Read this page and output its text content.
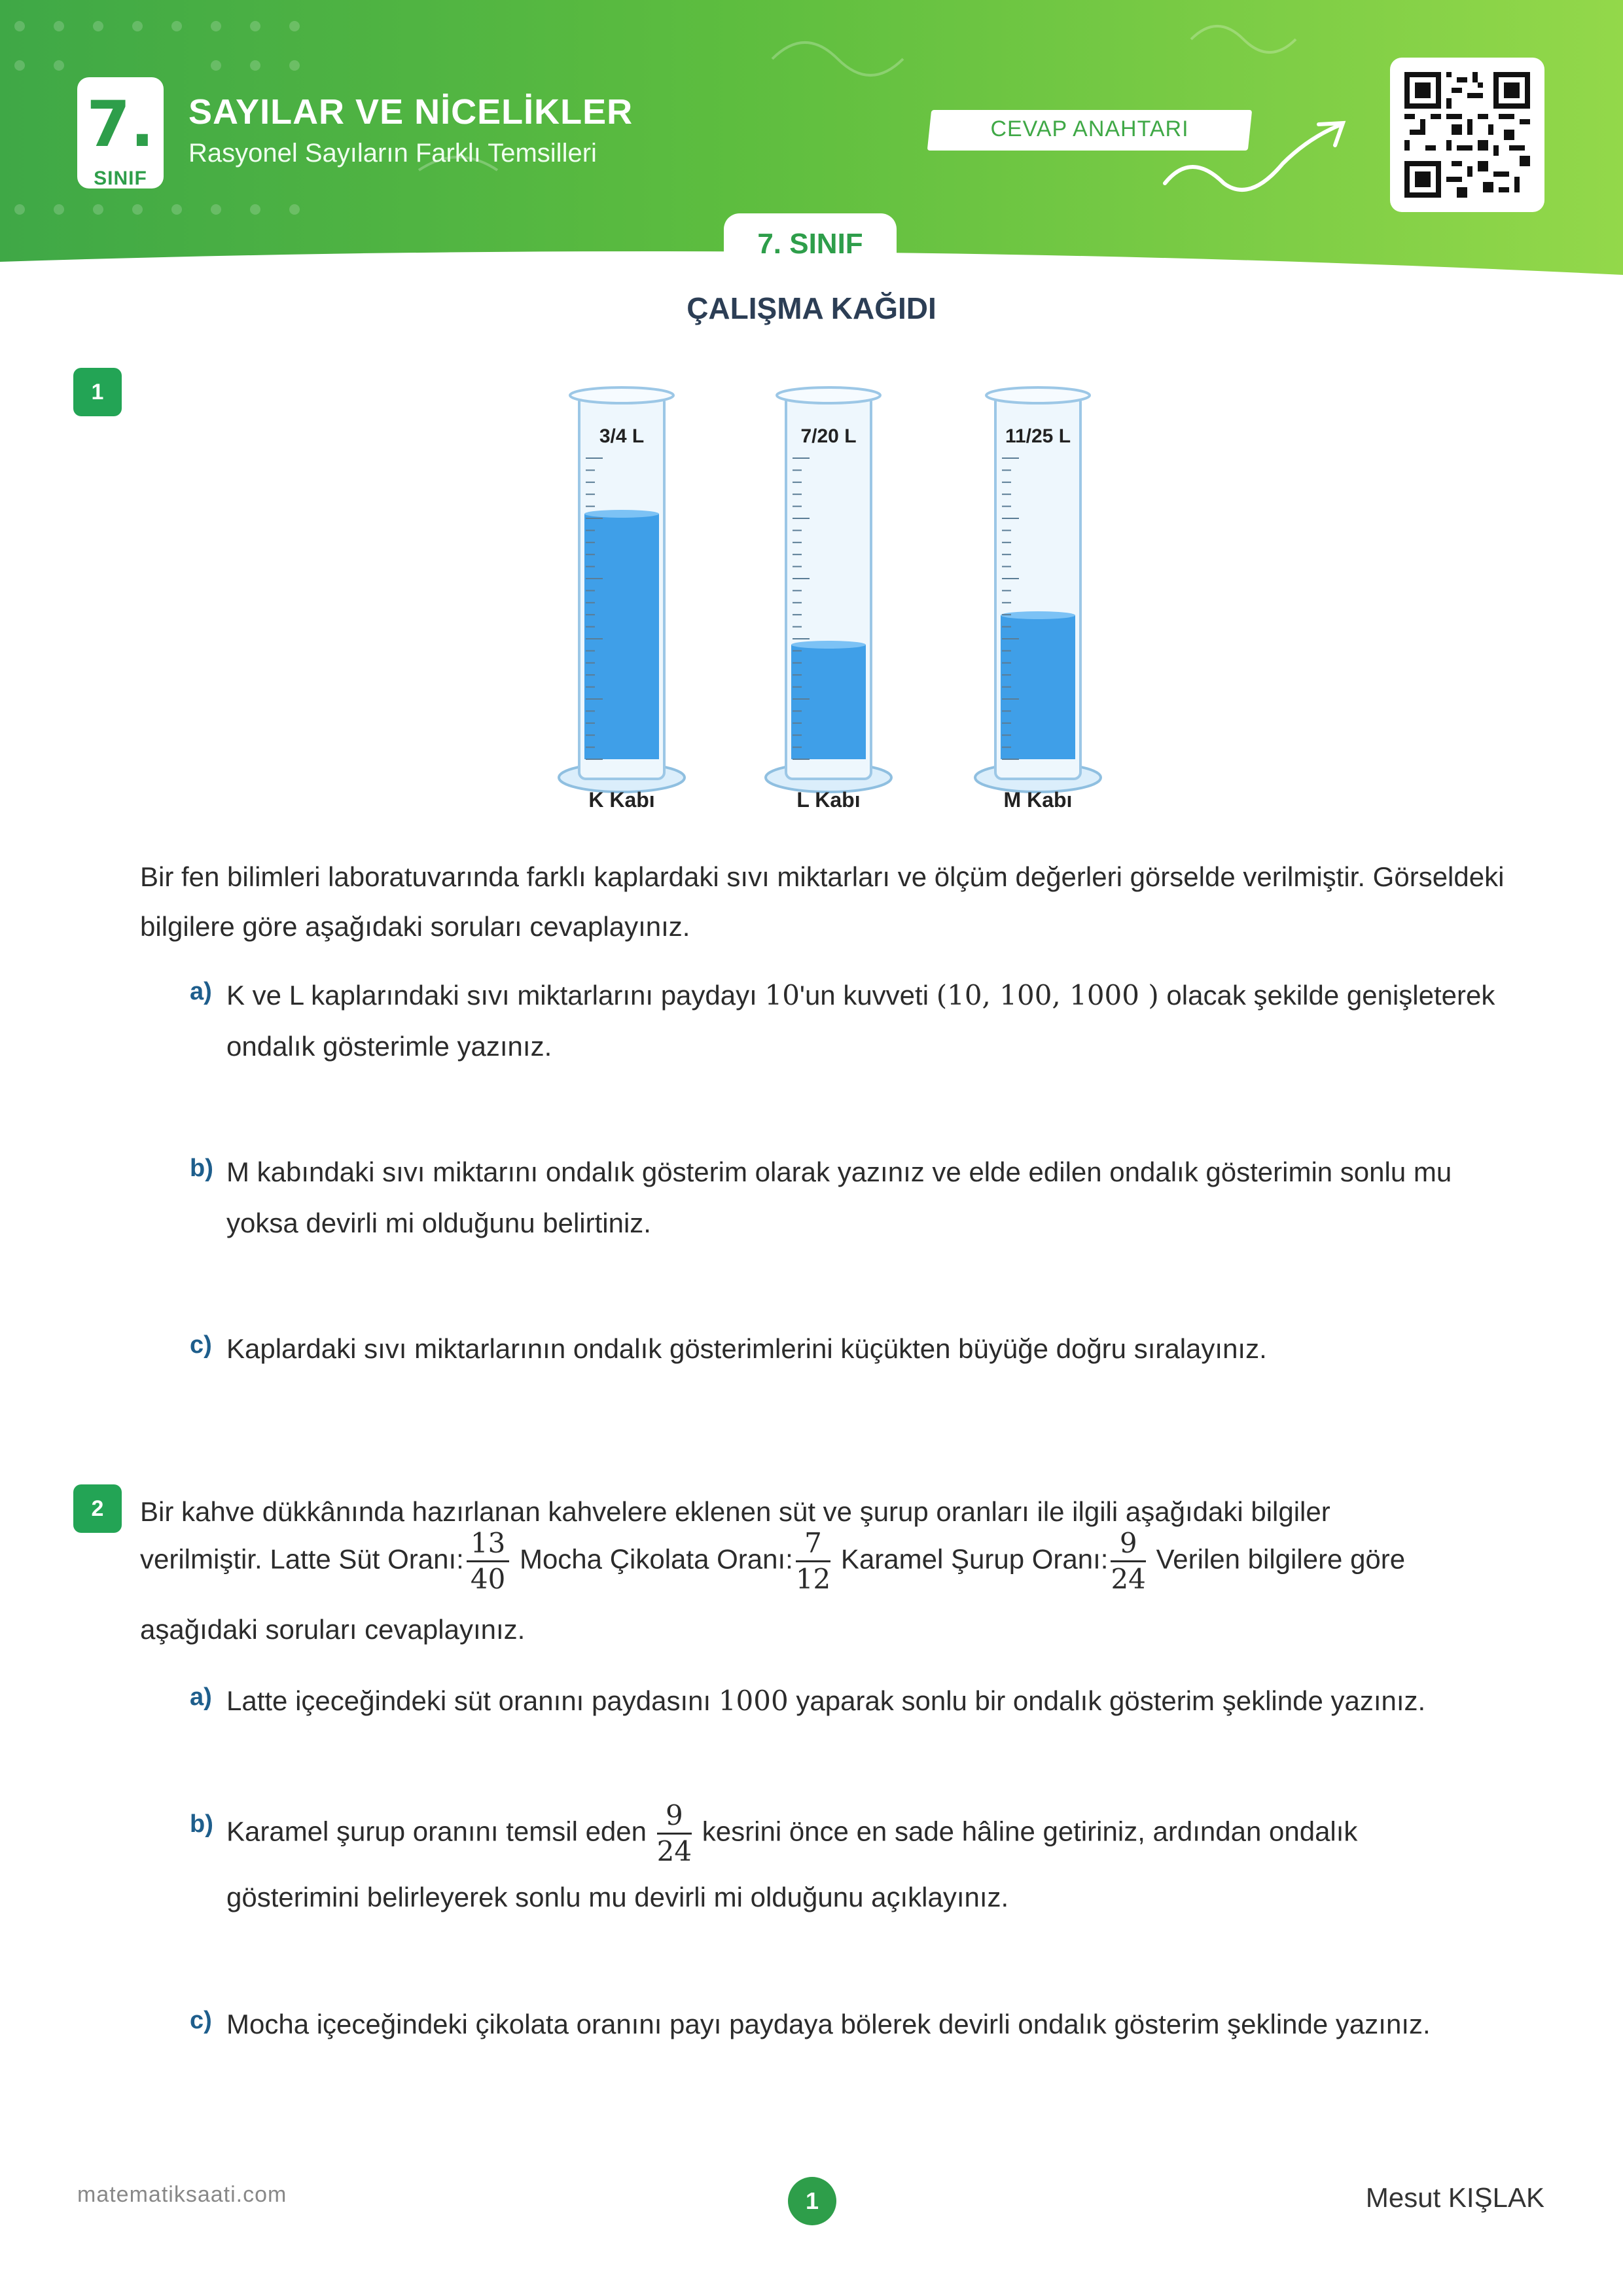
7.
SINIF
SAYILAR VE NİCELİKLER
Rasyonel Sayıların Farklı Temsilleri
CEVAP ANAHTARI
7. SINIF
ÇALIŞMA KAĞIDI
1
3/4 L	7/20 L	11/25 L
K Kabı	L Kabı	M Kabı
Bir fen bilimleri laboratuvarında farklı kaplardaki sıvı miktarları ve ölçüm değerleri görselde verilmiştir. Görseldeki bilgilere göre aşağıdaki soruları cevaplayınız.
a) K ve L kaplarındaki sıvı miktarlarını paydayı 10'un kuvveti (10, 100, 1000 ) olacak şekilde genişleterek ondalık gösterimle yazınız.
b) M kabındaki sıvı miktarını ondalık gösterim olarak yazınız ve elde edilen ondalık gösterimin sonlu mu yoksa devirli mi olduğunu belirtiniz.
c) Kaplardaki sıvı miktarlarının ondalık gösterimlerini küçükten büyüğe doğru sıralayınız.
2	Bir kahve dükkânında hazırlanan kahvelere eklenen süt ve şurup oranları ile ilgili aşağıdaki bilgiler
verilmiştir. Latte Süt Oranı: $\frac{13}{40}$ Mocha Çikolata Oranı: $\frac{7}{12}$ Karamel Şurup Oranı: $\frac{9}{24}$ Verilen bilgilere göre
aşağıdaki soruları cevaplayınız.
a) Latte içeceğindeki süt oranını paydasını 1000 yaparak sonlu bir ondalık gösterim şeklinde yazınız.
b) Karamel şurup oranını temsil eden $\frac{9}{24}$ kesrini önce en sade hâline getiriniz, ardından ondalık
gösterimini belirleyerek sonlu mu devirli mi olduğunu açıklayınız.
c) Mocha içeceğindeki çikolata oranını payı paydaya bölerek devirli ondalık gösterim şeklinde yazınız.
matematiksaati.com	1	Mesut KIŞLAK
